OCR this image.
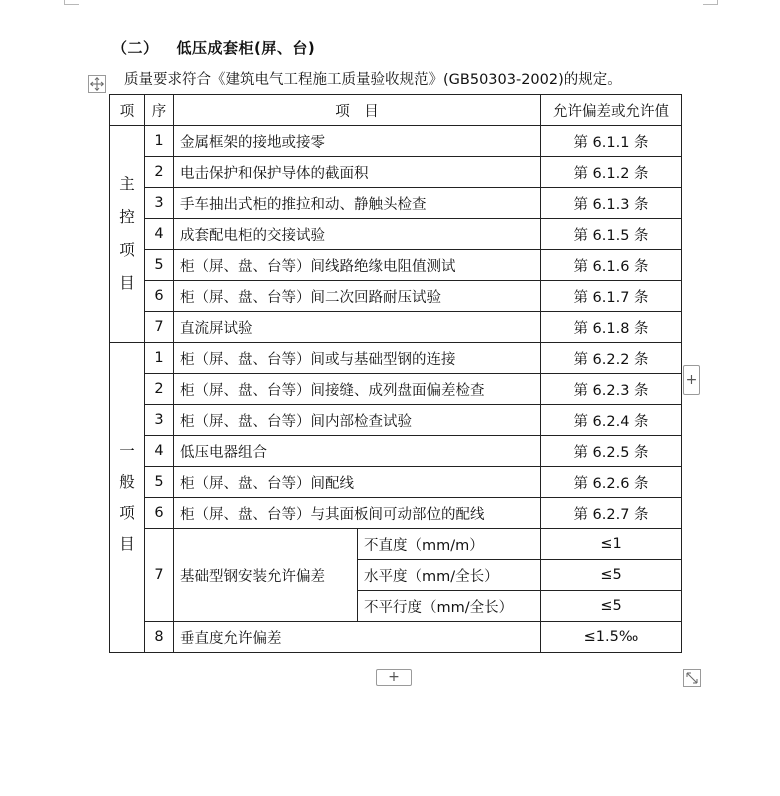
（二） 低压成套柜(屏、台)
质量要求符合《建筑电气工程施工质量验收规范》(GB50303-2002)的规定。
项	序	项　目		允许偏差或允许值
主控项目	1	金属框架的接地或接零		第 6.1.1 条
	2	电击保护和保护导体的截面积		第 6.1.2 条
	3	手车抽出式柜的推拉和动、静触头检查		第 6.1.3 条
	4	成套配电柜的交接试验		第 6.1.5 条
	5	柜（屏、盘、台等）间线路绝缘电阻值测试		第 6.1.6 条
	6	柜（屏、盘、台等）间二次回路耐压试验		第 6.1.7 条
	7	直流屏试验		第 6.1.8 条
一般项目	1	柜（屏、盘、台等）间或与基础型钢的连接		第 6.2.2 条
	2	柜（屏、盘、台等）间接缝、成列盘面偏差检查		第 6.2.3 条
	3	柜（屏、盘、台等）间内部检查试验		第 6.2.4 条
	4	低压电器组合		第 6.2.5 条
	5	柜（屏、盘、台等）间配线		第 6.2.6 条
	6	柜（屏、盘、台等）与其面板间可动部位的配线		第 6.2.7 条
	7	基础型钢安装允许偏差	不直度（mm/m）	≤1
			水平度（mm/全长）	≤5
			不平行度（mm/全长）	≤5
	8	垂直度允许偏差		≤1.5‰
+
+
